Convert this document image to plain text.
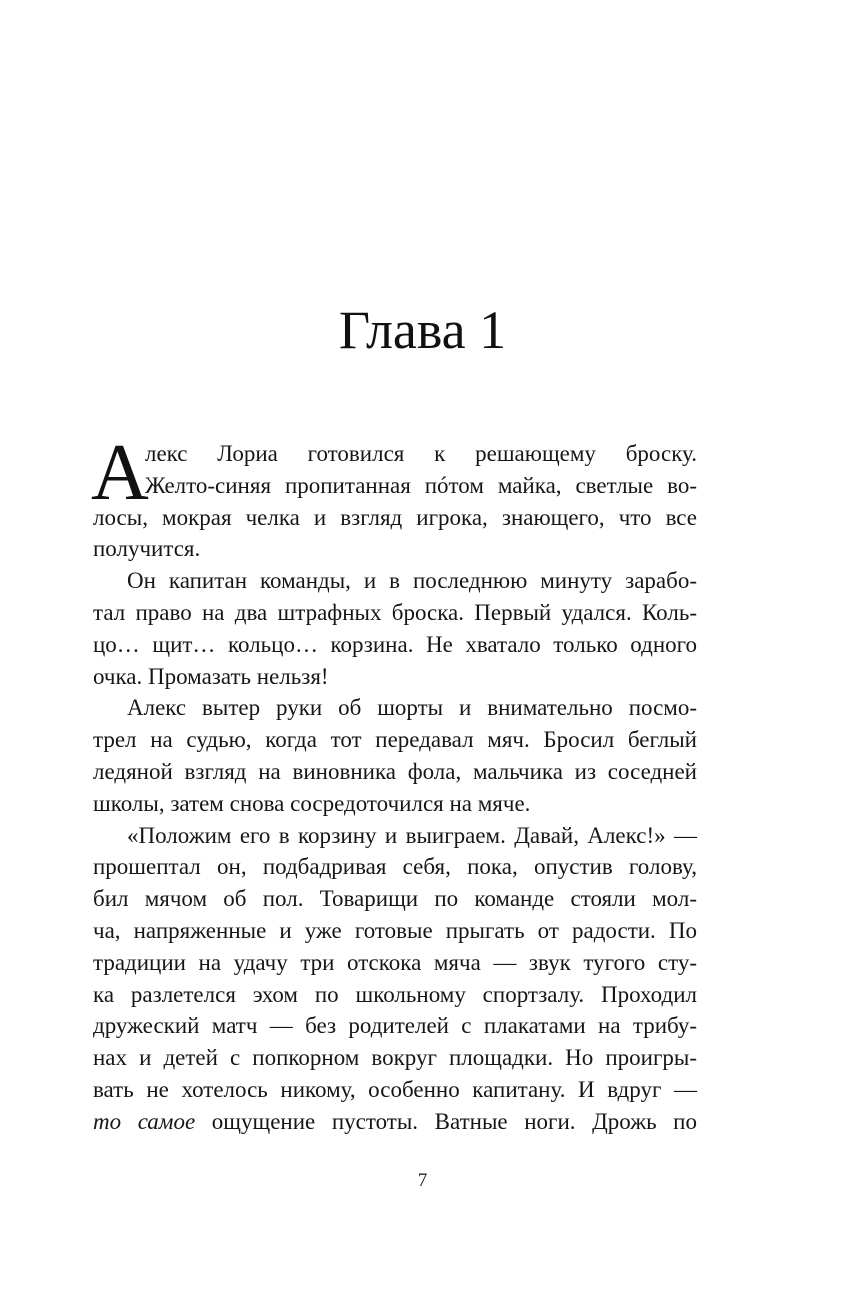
Глава 1
А
лекс Лориа готовился к решающему броску.
Желто-синяя пропитанная пóтом майка, светлые во-
лосы, мокрая челка и взгляд игрока, знающего, что все
получится.
Он капитан команды, и в последнюю минуту зарабо-
тал право на два штрафных броска. Первый удался. Коль-
цо… щит… кольцо… корзина. Не хватало только одного
очка. Промазать нельзя!
Алекс вытер руки об шорты и внимательно посмо-
трел на судью, когда тот передавал мяч. Бросил беглый
ледяной взгляд на виновника фола, мальчика из соседней
школы, затем снова сосредоточился на мяче.
«Положим его в корзину и выиграем. Давай, Алекс!» —
прошептал он, подбадривая себя, пока, опустив голову,
бил мячом об пол. Товарищи по команде стояли мол-
ча, напряженные и уже готовые прыгать от радости. По
традиции на удачу три отскока мяча — звук тугого сту-
ка разлетелся эхом по школьному спортзалу. Проходил
дружеский матч — без родителей с плакатами на трибу-
нах и детей с попкорном вокруг площадки. Но проигры-
вать не хотелось никому, особенно капитану. И вдруг —
то самое ощущение пустоты. Ватные ноги. Дрожь по
7
